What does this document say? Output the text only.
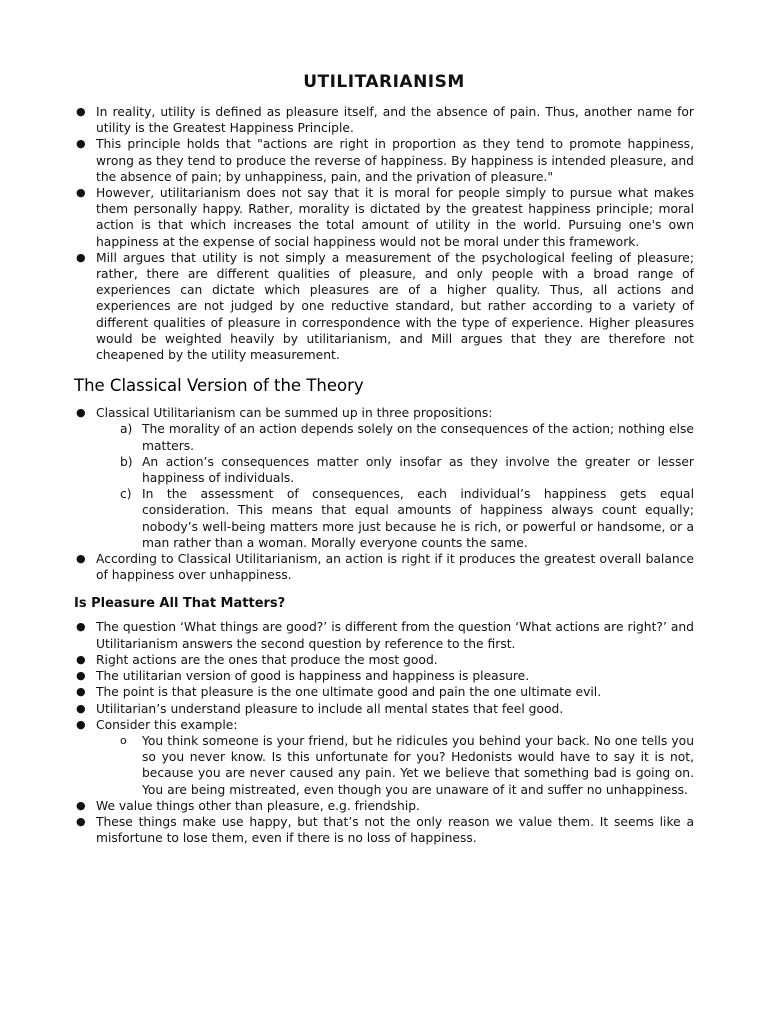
UTILITARIANISM
● In reality, utility is defined as pleasure itself, and the absence of pain. Thus, another name for utility is the Greatest Happiness Principle.
● This principle holds that "actions are right in proportion as they tend to promote happiness, wrong as they tend to produce the reverse of happiness. By happiness is intended pleasure, and the absence of pain; by unhappiness, pain, and the privation of pleasure."
● However, utilitarianism does not say that it is moral for people simply to pursue what makes them personally happy. Rather, morality is dictated by the greatest happiness principle; moral action is that which increases the total amount of utility in the world. Pursuing one's own happiness at the expense of social happiness would not be moral under this framework.
● Mill argues that utility is not simply a measurement of the psychological feeling of pleasure; rather, there are different qualities of pleasure, and only people with a broad range of experiences can dictate which pleasures are of a higher quality. Thus, all actions and experiences are not judged by one reductive standard, but rather according to a variety of different qualities of pleasure in correspondence with the type of experience. Higher pleasures would be weighted heavily by utilitarianism, and Mill argues that they are therefore not cheapened by the utility measurement.
The Classical Version of the Theory
● Classical Utilitarianism can be summed up in three propositions:
a) The morality of an action depends solely on the consequences of the action; nothing else matters.
b) An action’s consequences matter only insofar as they involve the greater or lesser happiness of individuals.
c) In the assessment of consequences, each individual’s happiness gets equal consideration. This means that equal amounts of happiness always count equally; nobody’s well-being matters more just because he is rich, or powerful or handsome, or a man rather than a woman. Morally everyone counts the same.
● According to Classical Utilitarianism, an action is right if it produces the greatest overall balance of happiness over unhappiness.
Is Pleasure All That Matters?
● The question ‘What things are good?’ is different from the question ‘What actions are right?’ and Utilitarianism answers the second question by reference to the first.
● Right actions are the ones that produce the most good.
● The utilitarian version of good is happiness and happiness is pleasure.
● The point is that pleasure is the one ultimate good and pain the one ultimate evil.
● Utilitarian’s understand pleasure to include all mental states that feel good.
● Consider this example:
o You think someone is your friend, but he ridicules you behind your back. No one tells you so you never know. Is this unfortunate for you? Hedonists would have to say it is not, because you are never caused any pain. Yet we believe that something bad is going on. You are being mistreated, even though you are unaware of it and suffer no unhappiness.
● We value things other than pleasure, e.g. friendship.
● These things make use happy, but that’s not the only reason we value them. It seems like a misfortune to lose them, even if there is no loss of happiness.
